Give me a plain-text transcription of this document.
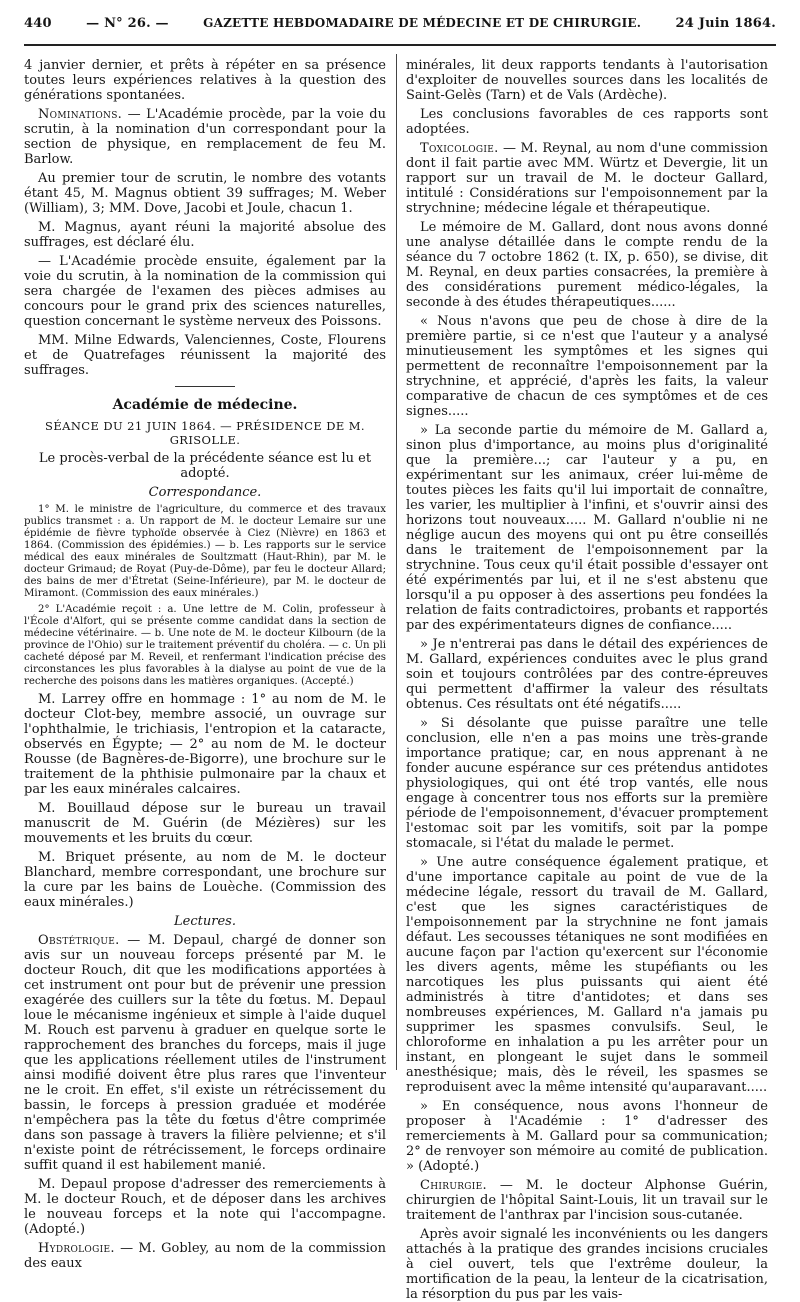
440	— N° 26. —	GAZETTE HEBDOMADAIRE DE MÉDECINE ET DE CHIRURGIE.	24 Juin 1864.

4 janvier dernier, et prêts à répéter en sa présence toutes leurs expériences relatives à la question des générations spontanées.

Nominations. — L'Académie procède, par la voie du scrutin, à la nomination d'un correspondant pour la section de physique, en remplacement de feu M. Barlow.

Au premier tour de scrutin, le nombre des votants étant 45, M. Magnus obtient 39 suffrages; M. Weber (William), 3; MM. Dove, Jacobi et Joule, chacun 1.

M. Magnus, ayant réuni la majorité absolue des suffrages, est déclaré élu.

— L'Académie procède ensuite, également par la voie du scrutin, à la nomination de la commission qui sera chargée de l'examen des pièces admises au concours pour le grand prix des sciences naturelles, question concernant le système nerveux des Poissons.

MM. Milne Edwards, Valenciennes, Coste, Flourens et de Quatrefages réunissent la majorité des suffrages.

Académie de médecine.
SÉANCE DU 21 JUIN 1864. — PRÉSIDENCE DE M. GRISOLLE.

Le procès-verbal de la précédente séance est lu et adopté.

Correspondance.

1° M. le ministre de l'agriculture, du commerce et des travaux publics transmet : a. Un rapport de M. le docteur Lemaire sur une épidémie de fièvre typhoïde observée à Ciez (Nièvre) en 1863 et 1864. (Commission des épidémies.) — b. Les rapports sur le service médical des eaux minérales de Soultzmatt (Haut-Rhin), par M. le docteur Grimaud; de Royat (Puy-de-Dôme), par feu le docteur Allard; des bains de mer d'Étretat (Seine-Inférieure), par M. le docteur de Miramont. (Commission des eaux minérales.)

2° L'Académie reçoit : a. Une lettre de M. Colin, professeur à l'École d'Alfort, qui se présente comme candidat dans la section de médecine vétérinaire. — b. Une note de M. le docteur Kilbourn (de la province de l'Ohio) sur le traitement préventif du choléra. — c. Un pli cacheté déposé par M. Reveil, et renfermant l'indication précise des circonstances les plus favorables à la dialyse au point de vue de la recherche des poisons dans les matières organiques. (Accepté.)

M. Larrey offre en hommage : 1° au nom de M. le docteur Clot-bey, membre associé, un ouvrage sur l'ophthalmie, le trichiasis, l'entropion et la cataracte, observés en Égypte; — 2° au nom de M. le docteur Rousse (de Bagnères-de-Bigorre), une brochure sur le traitement de la phthisie pulmonaire par la chaux et par les eaux minérales calcaires.

M. Bouillaud dépose sur le bureau un travail manuscrit de M. Guérin (de Mézières) sur les mouvements et les bruits du cœur.

M. Briquet présente, au nom de M. le docteur Blanchard, membre correspondant, une brochure sur la cure par les bains de Louèche. (Commission des eaux minérales.)

Lectures.

Obstétrique. — M. Depaul, chargé de donner son avis sur un nouveau forceps présenté par M. le docteur Rouch, dit que les modifications apportées à cet instrument ont pour but de prévenir une pression exagérée des cuillers sur la tête du fœtus. M. Depaul loue le mécanisme ingénieux et simple à l'aide duquel M. Rouch est parvenu à graduer en quelque sorte le rapprochement des branches du forceps, mais il juge que les applications réellement utiles de l'instrument ainsi modifié doivent être plus rares que l'inventeur ne le croit. En effet, s'il existe un rétrécissement du bassin, le forceps à pression graduée et modérée n'empêchera pas la tête du fœtus d'être comprimée dans son passage à travers la filière pelvienne; et s'il n'existe point de rétrécissement, le forceps ordinaire suffit quand il est habilement manié.

M. Depaul propose d'adresser des remerciements à M. le docteur Rouch, et de déposer dans les archives le nouveau forceps et la note qui l'accompagne. (Adopté.)

Hydrologie. — M. Gobley, au nom de la commission des eaux

minérales, lit deux rapports tendants à l'autorisation d'exploiter de nouvelles sources dans les localités de Saint-Gelès (Tarn) et de Vals (Ardèche).

Les conclusions favorables de ces rapports sont adoptées.

Toxicologie. — M. Reynal, au nom d'une commission dont il fait partie avec MM. Würtz et Devergie, lit un rapport sur un travail de M. le docteur Gallard, intitulé : Considérations sur l'empoisonnement par la strychnine; médecine légale et thérapeutique.

Le mémoire de M. Gallard, dont nous avons donné une analyse détaillée dans le compte rendu de la séance du 7 octobre 1862 (t. IX, p. 650), se divise, dit M. Reynal, en deux parties consacrées, la première à des considérations purement médico-légales, la seconde à des études thérapeutiques......

« Nous n'avons que peu de chose à dire de la première partie, si ce n'est que l'auteur y a analysé minutieusement les symptômes et les signes qui permettent de reconnaître l'empoisonnement par la strychnine, et apprécié, d'après les faits, la valeur comparative de chacun de ces symptômes et de ces signes.....

» La seconde partie du mémoire de M. Gallard a, sinon plus d'importance, au moins plus d'originalité que la première...; car l'auteur y a pu, en expérimentant sur les animaux, créer lui-même de toutes pièces les faits qu'il lui importait de connaître, les varier, les multiplier à l'infini, et s'ouvrir ainsi des horizons tout nouveaux..... M. Gallard n'oublie ni ne néglige aucun des moyens qui ont pu être conseillés dans le traitement de l'empoisonnement par la strychnine. Tous ceux qu'il était possible d'essayer ont été expérimentés par lui, et il ne s'est abstenu que lorsqu'il a pu opposer à des assertions peu fondées la relation de faits contradictoires, probants et rapportés par des expérimentateurs dignes de confiance.....

» Je n'entrerai pas dans le détail des expériences de M. Gallard, expériences conduites avec le plus grand soin et toujours contrôlées par des contre-épreuves qui permettent d'affirmer la valeur des résultats obtenus. Ces résultats ont été négatifs.....

» Si désolante que puisse paraître une telle conclusion, elle n'en a pas moins une très-grande importance pratique; car, en nous apprenant à ne fonder aucune espérance sur ces prétendus antidotes physiologiques, qui ont été trop vantés, elle nous engage à concentrer tous nos efforts sur la première période de l'empoisonnement, d'évacuer promptement l'estomac soit par les vomitifs, soit par la pompe stomacale, si l'état du malade le permet.

» Une autre conséquence également pratique, et d'une importance capitale au point de vue de la médecine légale, ressort du travail de M. Gallard, c'est que les signes caractéristiques de l'empoisonnement par la strychnine ne font jamais défaut. Les secousses tétaniques ne sont modifiées en aucune façon par l'action qu'exercent sur l'économie les divers agents, même les stupéfiants ou les narcotiques les plus puissants qui aient été administrés à titre d'antidotes; et dans ses nombreuses expériences, M. Gallard n'a jamais pu supprimer les spasmes convulsifs. Seul, le chloroforme en inhalation a pu les arrêter pour un instant, en plongeant le sujet dans le sommeil anesthésique; mais, dès le réveil, les spasmes se reproduisent avec la même intensité qu'auparavant.....

» En conséquence, nous avons l'honneur de proposer à l'Académie : 1° d'adresser des remerciements à M. Gallard pour sa communication; 2° de renvoyer son mémoire au comité de publication. » (Adopté.)

Chirurgie. — M. le docteur Alphonse Guérin, chirurgien de l'hôpital Saint-Louis, lit un travail sur le traitement de l'anthrax par l'incision sous-cutanée.

Après avoir signalé les inconvénients ou les dangers attachés à la pratique des grandes incisions cruciales à ciel ouvert, tels que l'extrême douleur, la mortification de la peau, la lenteur de la cicatrisation, la résorption du pus par les vais-
